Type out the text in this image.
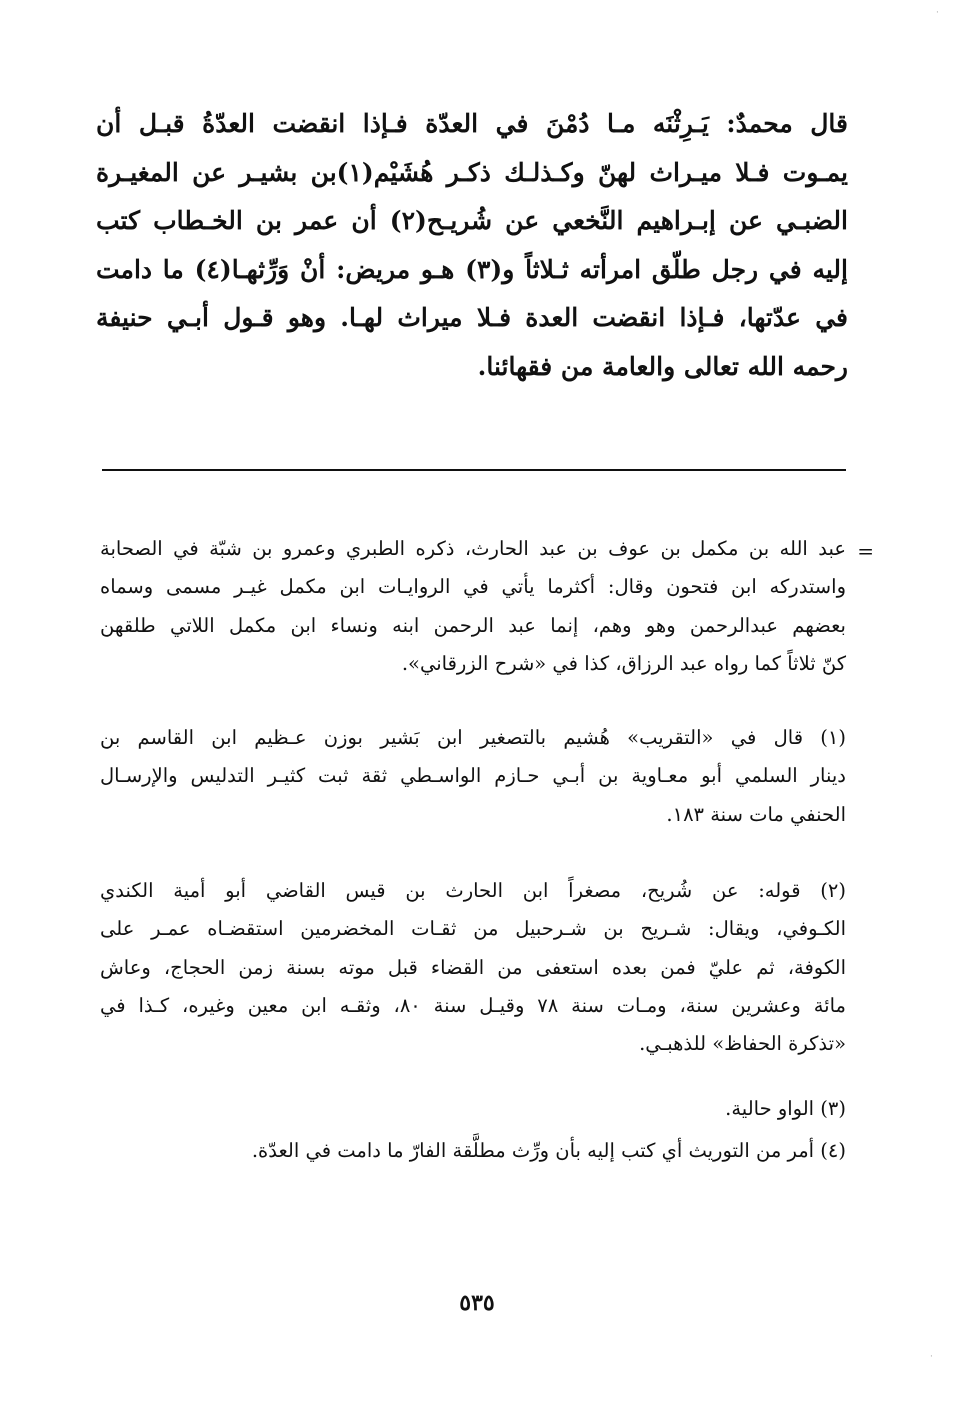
قال محمدٌ: يَـرِثْنَه مـا دُمْنَ في العدّة فـإذا انقضت العدّةُ قبـل أن
يمـوت فـلا ميـراث لهنّ وكـذلـك ذكـر هُشَيْم(١)بن بشيـر عن المغيـرة
الضبـي عن إبـراهيم النَّخعي عن شُريـح(٢) أن عمر بن الخـطاب كتب
إليه في رجل طلّق امرأته ثـلاثاً و(٣) هـو مريض: أنْ وَرِّثهـا(٤) ما دامت
في عدّتها، فـإذا انقضت العدة فـلا ميراث لهـا. وهو قـول أبـي حنيفة
رحمه الله تعالى والعامة من فقهائنا.
=
عبد الله بن مكمل بن عوف بن عبد الحارث، ذكره الطبري وعمرو بن شبّة في الصحابة
واستدركه ابن فتحون وقال: أكثرما يأتي في الروايـات ابن مكمل غيـر مسمى وسماه
بعضهم عبدالرحمن وهو وهم، إنما عبد الرحمن ابنه ونساء ابن مكمل اللاتي طلقهن
كنّ ثلاثاً كما رواه عبد الرزاق، كذا في «شرح الزرقاني».
(١) قال في «التقريب» هُشيم بالتصغير ابن بَشير بوزن عـظيم ابن القاسم بن
دينار السلمي أبو معـاوية بن أبـي حـازم الواسـطي ثقة ثبت كثيـر التدليس والإرسـال
الحنفي مات سنة ١٨٣.
(٢) قوله: عن شُريح، مصغراً ابن الحارث بن قيس القاضي أبو أمية الكندي
الكـوفي، ويقال: شـريح بن شـرحبيل من ثقـات المخضرمين استقضـاه عمـر على
الكوفة، ثم عليّ فمن بعده استعفى من القضاء قبل موته بسنة زمن الحجاج، وعاش
مائة وعشرين سنة، ومـات سنة ٧٨ وقيـل سنة ٨٠، وثقـه ابن معين وغيره، كـذا في
«تذكرة الحفاظ» للذهبـي.
(٣) الواو حالية.
(٤) أمر من التوريث أي كتب إليه بأن ورِّث مطلَّقة الفارّ ما دامت في العدّة.
٥٣٥
·
·
